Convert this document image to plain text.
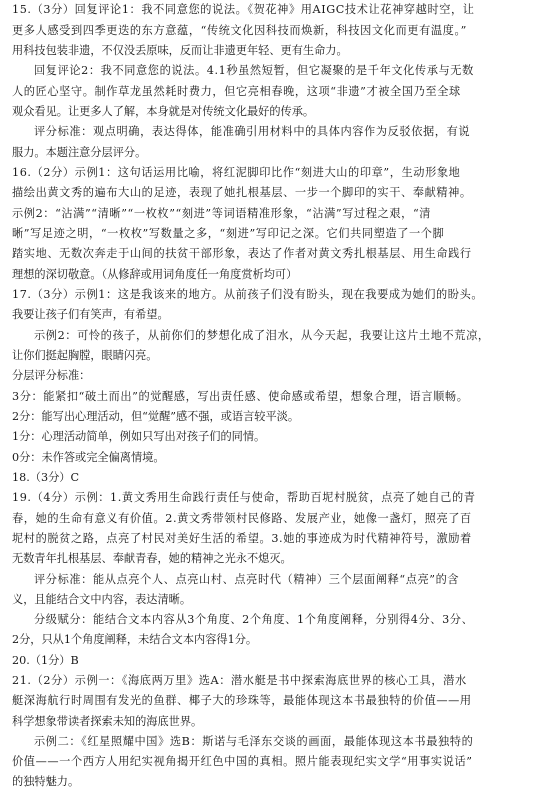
15.（3分）回复评论1：我不同意您的说法。《贺花神》用AIGC技术让花神穿越时空，让
更多人感受到四季更迭的东方意蕴，“传统文化因科技而焕新，科技因文化而更有温度。”
用科技包装非遗，不仅没丢原味，反而让非遗更年轻、更有生命力。
回复评论2：我不同意您的说法。4.1秒虽然短暂，但它凝聚的是千年文化传承与无数
人的匠心坚守。制作草龙虽然耗时费力，但它亮相春晚，这项“非遗”才被全国乃至全球
观众看见。让更多人了解，本身就是对传统文化最好的传承。
评分标准：观点明确，表达得体，能准确引用材料中的具体内容作为反驳依据，有说
服力。本题注意分层评分。
16.（2分）示例1：这句话运用比喻，将红泥脚印比作“刻进大山的印章”，生动形象地
描绘出黄文秀的遍布大山的足迹，表现了她扎根基层、一步一个脚印的实干、奉献精神。
示例2：“沾满”“清晰”“一枚枚”“刻进”等词语精准形象，“沾满”写过程之艰，“清
晰”写足迹之明，“一枚枚”写数量之多，“刻进”写印记之深。它们共同塑造了一个脚
踏实地、无数次奔走于山间的扶贫干部形象，表达了作者对黄文秀扎根基层、用生命践行
理想的深切敬意。（从修辞或用词角度任一角度赏析均可）
17.（3分）示例1：这是我该来的地方。从前孩子们没有盼头，现在我要成为她们的盼头。
我要让孩子们有笑声，有希望。
示例2：可怜的孩子，从前你们的梦想化成了泪水，从今天起，我要让这片土地不荒凉，
让你们挺起胸膛，眼睛闪亮。
分层评分标准：
3分：能紧扣“破土而出”的觉醒感，写出责任感、使命感或希望，想象合理，语言顺畅。
2分：能写出心理活动，但“觉醒”感不强，或语言较平淡。
1分：心理活动简单，例如只写出对孩子们的同情。
0分：未作答或完全偏离情境。
18.（3分）C
19.（4分）示例：1.黄文秀用生命践行责任与使命，帮助百坭村脱贫，点亮了她自己的青
春，她的生命有意义有价值。2.黄文秀带领村民修路、发展产业，她像一盏灯，照亮了百
坭村的脱贫之路，点亮了村民对美好生活的希望。3.她的事迹成为时代精神符号，激励着
无数青年扎根基层、奉献青春，她的精神之光永不熄灭。
评分标准：能从点亮个人、点亮山村、点亮时代（精神）三个层面阐释“点亮”的含
义，且能结合文中内容，表达清晰。
分级赋分：能结合文本内容从3个角度、2个角度、1个角度阐释，分别得4分、3分、
2分，只从1个角度阐释，未结合文本内容得1分。
20.（1分）B
21.（2分）示例一：《海底两万里》选A：潜水艇是书中探索海底世界的核心工具，潜水
艇深海航行时周围有发光的鱼群、椰子大的珍珠等，最能体现这本书最独特的价值——用
科学想象带读者探索未知的海底世界。
示例二：《红星照耀中国》选B：斯诺与毛泽东交谈的画面，最能体现这本书最独特的
价值——一个西方人用纪实视角揭开红色中国的真相。照片能表现纪实文学“用事实说话”
的独特魅力。
